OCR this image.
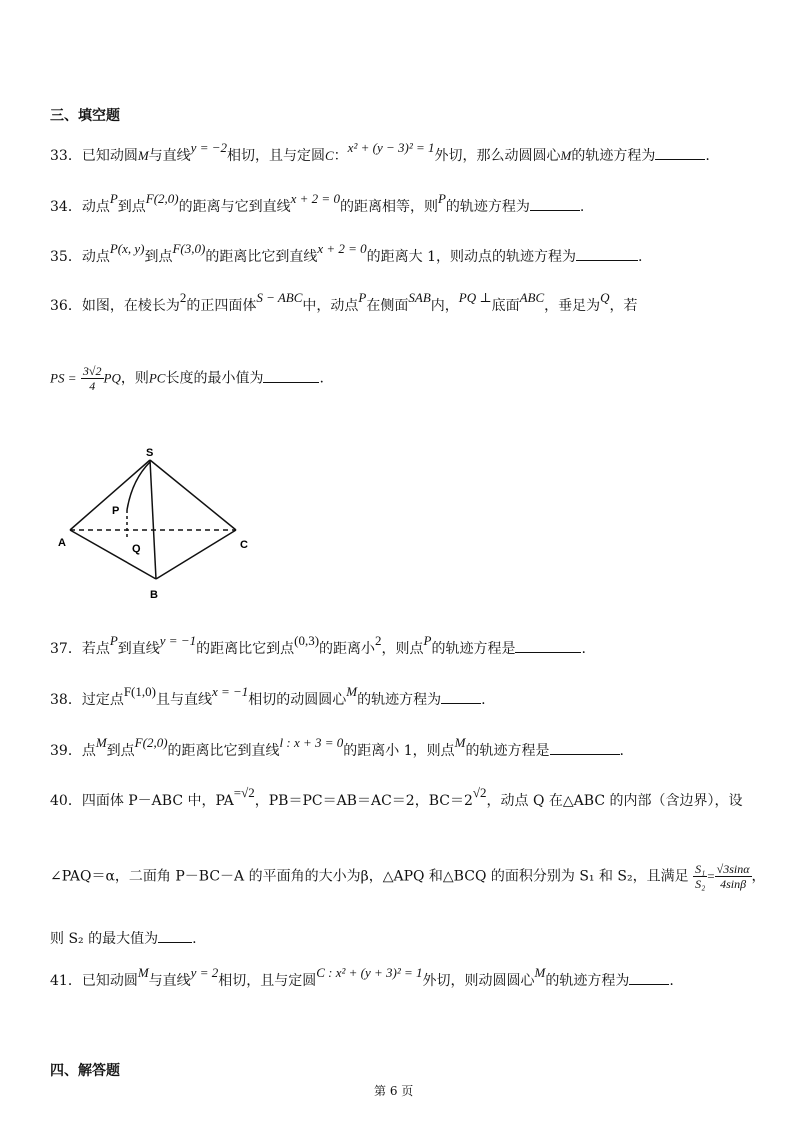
三、填空题
33．已知动圆M与直线y = −2相切，且与定圆C：x² + (y − 3)² = 1外切，那么动圆圆心M的轨迹方程为	.
34．动点P到点F(2,0)的距离与它到直线x + 2 = 0的距离相等，则P的轨迹方程为	.
35．动点P(x, y)到点F(3,0)的距离比它到直线x + 2 = 0的距离大 1，则动点的轨迹方程为	.
36．如图，在棱长为2的正四面体S − ABC中，动点P在侧面SAB内，PQ ⊥底面ABC，垂足为Q，若
PS = $\frac{3√2}{4}$ PQ，则PC长度的最小值为	.
S
P
A	Q	C
B
37．若点P到直线y = −1的距离比它到点(0,3)的距离小2，则点P的轨迹方程是	.
38．过定点F(1,0)且与直线x = −1相切的动圆圆心M的轨迹方程为	.
39．点M到点F(2,0)的距离比它到直线l : x + 3 = 0的距离小 1，则点M的轨迹方程是	.
40．四面体 P－ABC 中，PA=√2，PB＝PC＝AB＝AC＝2，BC＝2√2，动点 Q 在△ABC 的内部（含边界），设
∠PAQ＝α，二面角 P－BC－A 的平面角的大小为β，△APQ 和△BCQ 的面积分别为 S₁ 和 S₂，且满足 $\frac{\text{S₁}}{\text{S₂}} = \frac{√3\sin\alpha}{4\sin\beta}$ ，
则 S₂ 的最大值为 .
41．已知动圆M与直线y = 2相切，且与定圆C : x² + (y + 3)² = 1外切，则动圆圆心M的轨迹方程为	.
四、解答题
第 6 页
